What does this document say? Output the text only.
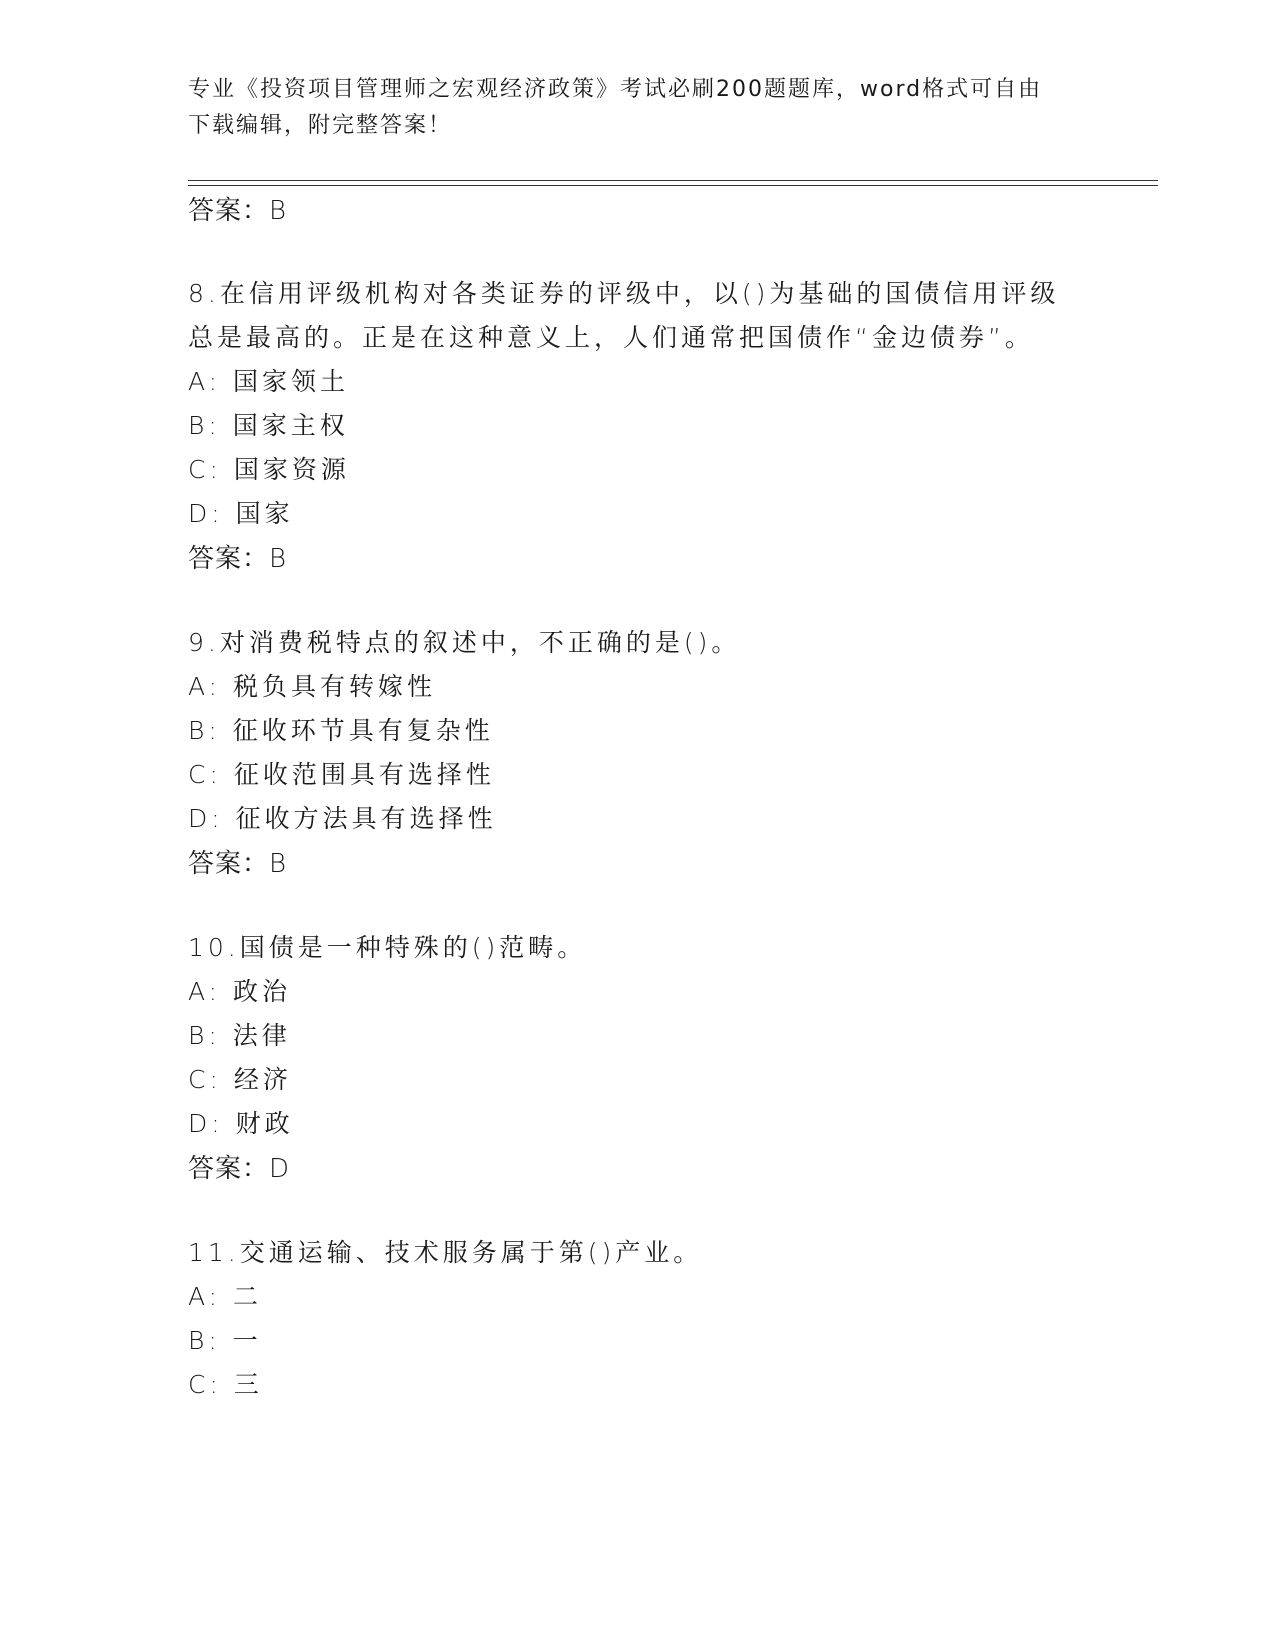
专业《投资项目管理师之宏观经济政策》考试必刷200题题库，word格式可自由
下载编辑，附完整答案！
答案：B
8.在信用评级机构对各类证券的评级中，以()为基础的国债信用评级
总是最高的。正是在这种意义上，人们通常把国债作“金边债券”。
A: 国家领土
B: 国家主权
C: 国家资源
D: 国家
答案：B
9.对消费税特点的叙述中，不正确的是()。
A: 税负具有转嫁性
B: 征收环节具有复杂性
C: 征收范围具有选择性
D: 征收方法具有选择性
答案：B
10.国债是一种特殊的()范畴。
A: 政治
B: 法律
C: 经济
D: 财政
答案：D
11.交通运输、技术服务属于第()产业。
A: 二
B: 一
C: 三
